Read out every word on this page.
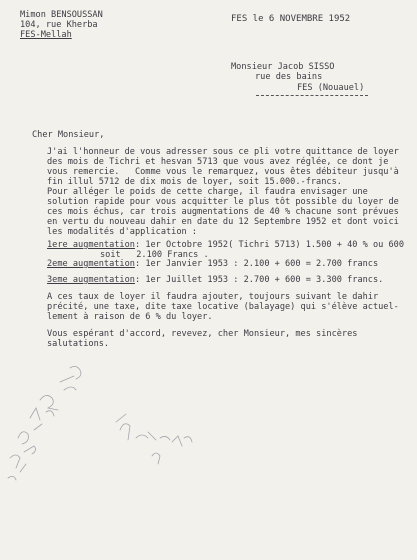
Mimon BENSOUSSAN
104, rue Kherba
FES-Mellah
FES le 6 NOVEMBRE 1952
Monsieur Jacob SISSO
rue des bains
FES (Nouauel)
Cher Monsieur,
J'ai l'honneur de vous adresser sous ce pli votre quittance de loyer
des mois de Tichri et hesvan 5713 que vous avez réglée, ce dont je
vous remercie.   Comme vous le remarquez, vous êtes débiteur jusqu'à
fin illul 5712 de dix mois de loyer, soit 15.000.-francs.
Pour alléger le poids de cette charge, il faudra envisager une
solution rapide pour vous acquitter le plus tôt possible du loyer de
ces mois échus, car trois augmentations de 40 % chacune sont prévues
en vertu du nouveau dahir en date du 12 Septembre 1952 et dont voici
les modalités d'application :
1ere augmentation: 1er Octobre 1952( Tichri 5713) 1.500 + 40 % ou 600
soit   2.100 Francs .
2eme augmentation: 1er Janvier 1953 : 2.100 + 600 = 2.700 francs
3eme augmentation: 1er Juillet 1953 : 2.700 + 600 = 3.300 francs.
A ces taux de loyer il faudra ajouter, toujours suivant le dahir
précité, une taxe, dite taxe locative (balayage) qui s'élève actuel-
lement à raison de 6 % du loyer.
Vous espérant d'accord, revevez, cher Monsieur, mes sincères
salutations.
